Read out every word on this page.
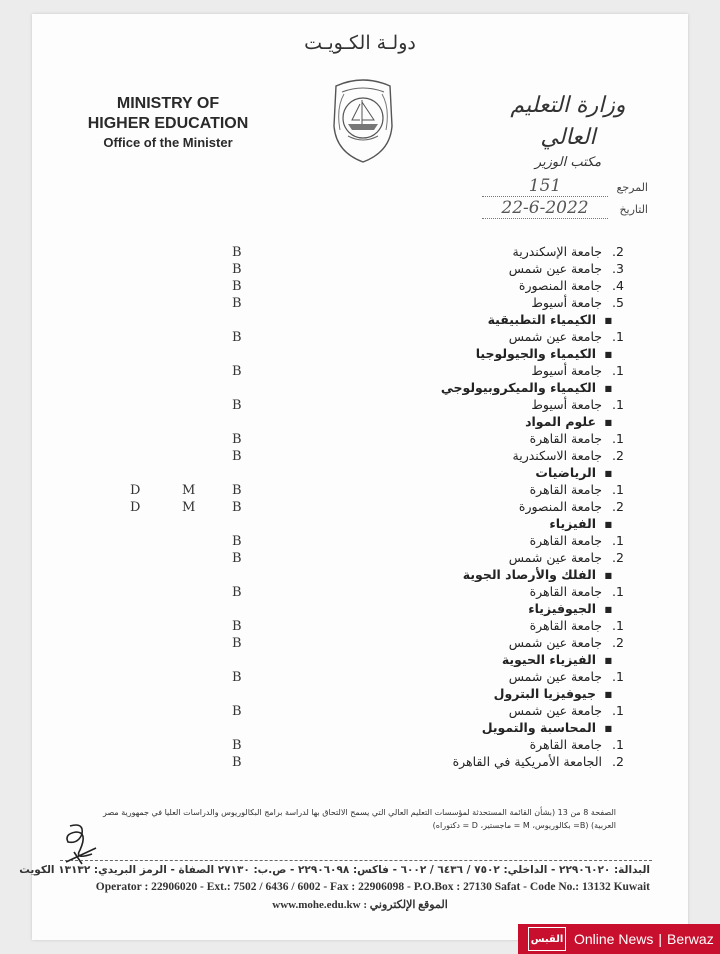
دولـة الكـويـت
MINISTRY OF
HIGHER EDUCATION
Office of the Minister
وزارة التعليم العالي
مكتب الوزير
المرجع151
التاريخ22-6-2022
.2
جامعة الإسكندرية
B
.3
جامعة عين شمس
B
.4
جامعة المنصورة
B
.5
جامعة أسيوط
B
■
الكيمياء التطبيقية
.1
جامعة عين شمس
B
■
الكيمياء والجيولوجيا
.1
جامعة أسيوط
B
■
الكيمياء والميكروبيولوجي
.1
جامعة أسيوط
B
■
علوم المواد
.1
جامعة القاهرة
B
.2
جامعة الاسكندرية
B
■
الرياضيات
.1
جامعة القاهرة
B
M
D
.2
جامعة المنصورة
B
M
D
■
الفيزياء
.1
جامعة القاهرة
B
.2
جامعة عين شمس
B
■
الفلك والأرصاد الجوية
.1
جامعة القاهرة
B
■
الجيوفيزياء
.1
جامعة القاهرة
B
.2
جامعة عين شمس
B
■
الفيزياء الحيوية
.1
جامعة عين شمس
B
■
جيوفيزيا البترول
.1
جامعة عين شمس
B
■
المحاسبة والتمويل
.1
جامعة القاهرة
B
.2
الجامعة الأمريكية في القاهرة
B
الصفحة 8 من 13 (بشأن القائمة المستحدثة لمؤسسات التعليم العالي التي يسمح الالتحاق بها لدراسة برامج البكالوريوس والدراسات العليا في جمهورية مصر
العربية) (B= بكالوريوس، M = ماجستير، D = دكتوراه)
البدالة: ٢٢٩٠٦٠٢٠ - الداخلي: ٧٥٠٢ / ٦٤٣٦ / ٦٠٠٢ - فاكس: ٢٢٩٠٦٠٩٨ - ص.ب: ٢٧١٣٠ الصفاة - الرمز البريدي: ١٣١٣٢ الكويت
Operator : 22906020 - Ext.: 7502 / 6436 / 6002 - Fax : 22906098 - P.O.Box : 27130 Safat - Code No.: 13132 Kuwait
www.mohe.edu.kw : الموقع الإلكتروني
القبس Online News | Berwaz
